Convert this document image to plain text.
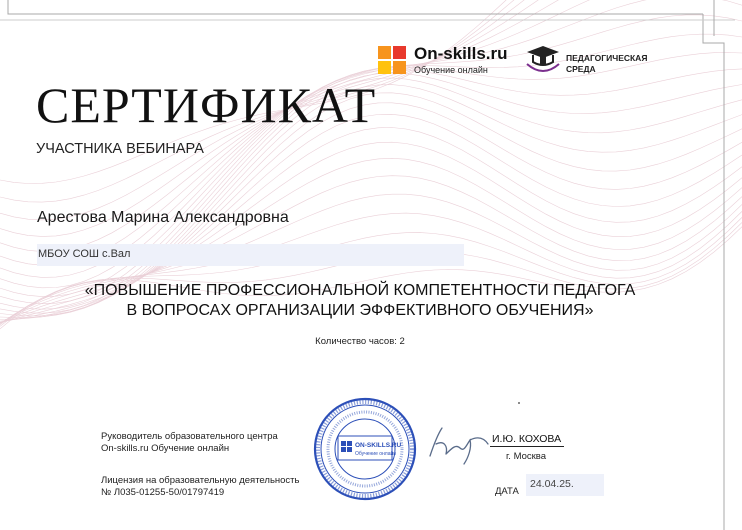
On-skills.ru
Обучение онлайн
ПЕДАГОГИЧЕСКАЯ
СРЕДА
СЕРТИФИКАТ
УЧАСТНИКА ВЕБИНАРА
Арестова Марина Александровна
МБОУ СОШ с.Вал
«ПОВЫШЕНИЕ ПРОФЕССИОНАЛЬНОЙ КОМПЕТЕНТНОСТИ ПЕДАГОГА
В ВОПРОСАХ ОРГАНИЗАЦИИ ЭФФЕКТИВНОГО ОБУЧЕНИЯ»
Количество часов: 2
Руководитель образовательного центра
On-skills.ru Обучение онлайн
Лицензия на образовательную деятельность
№ Л035-01255-50/01797419
ON-SKILLS.RU
Обучение онлайн
И.Ю. КОХОВА
г. Москва
ДАТА
24.04.25.
